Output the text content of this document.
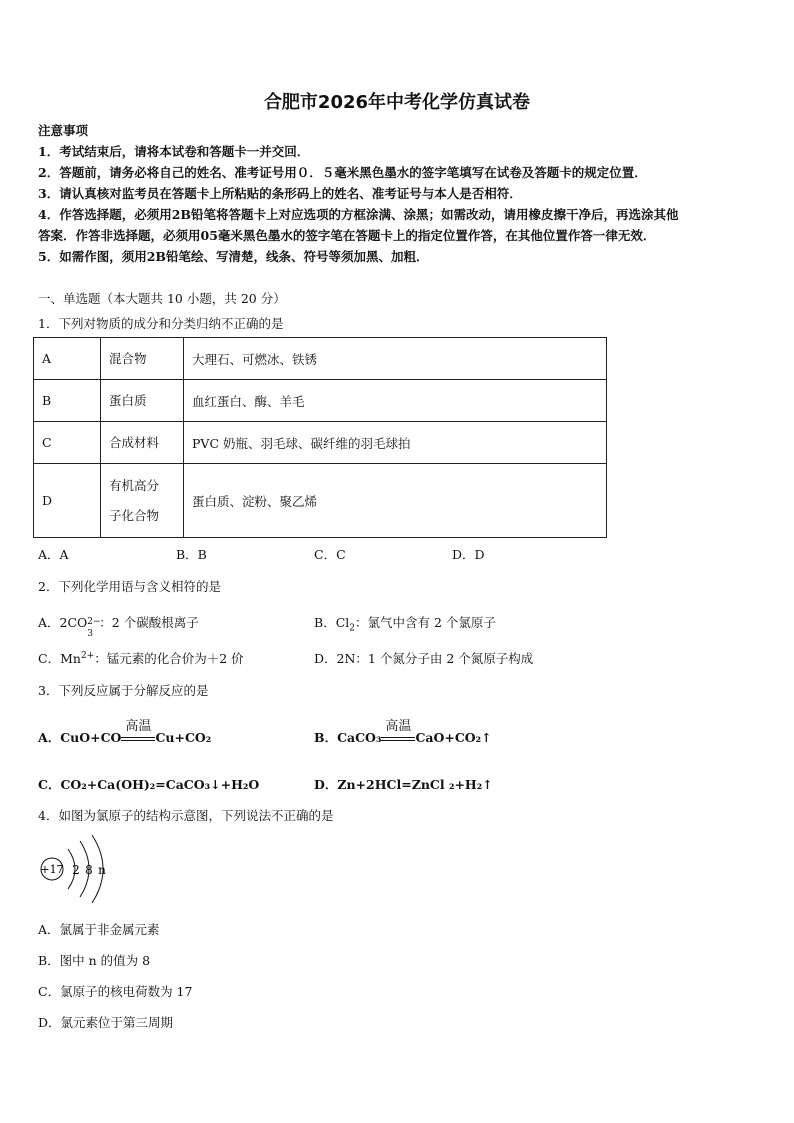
合肥市2026年中考化学仿真试卷
注意事项
1．考试结束后，请将本试卷和答题卡一并交回．
2．答题前，请务必将自己的姓名、准考证号用０．５毫米黑色墨水的签字笔填写在试卷及答题卡的规定位置．
3．请认真核对监考员在答题卡上所粘贴的条形码上的姓名、准考证号与本人是否相符．
4．作答选择题，必须用2B铅笔将答题卡上对应选项的方框涂满、涂黑；如需改动，请用橡皮擦干净后，再选涂其他
答案．作答非选择题，必须用05毫米黑色墨水的签字笔在答题卡上的指定位置作答，在其他位置作答一律无效．
5．如需作图，须用2B铅笔绘、写清楚，线条、符号等须加黑、加粗．
一、单选题（本大题共 10 小题，共 20 分）
1．下列对物质的成分和分类归纳不正确的是
A	混合物	大理石、可燃冰、铁锈
B	蛋白质	血红蛋白、酶、羊毛
C	合成材料	PVC 奶瓶、羽毛球、碳纤维的羽毛球拍
D	有机高分
子化合物	蛋白质、淀粉、聚乙烯
A．A	B．B	C．C	D．D
2．下列化学用语与含义相符的是
A．2CO 2−
3
：2 个碳酸根离子	B．$Cl_2$：氯气中含有 2 个氯原子
C．$Mn^{2+}$：锰元素的化合价为＋2 价	D．2N：1 个氮分子由 2 个氮原子构成
3．下列反应属于分解反应的是
A．CuO+CO
高温
Cu+CO₂	B．CaCO₃
高温
CaO+CO₂↑
C．CO₂+Ca(OH)₂=CaCO₃↓+H₂O	D．Zn+2HCl=ZnCl ₂+H₂↑
4．如图为氯原子的结构示意图，下列说法不正确的是
+17 2 8 n
A．氯属于非金属元素
B．图中 n 的值为 8
C．氯原子的核电荷数为 17
D．氯元素位于第三周期
